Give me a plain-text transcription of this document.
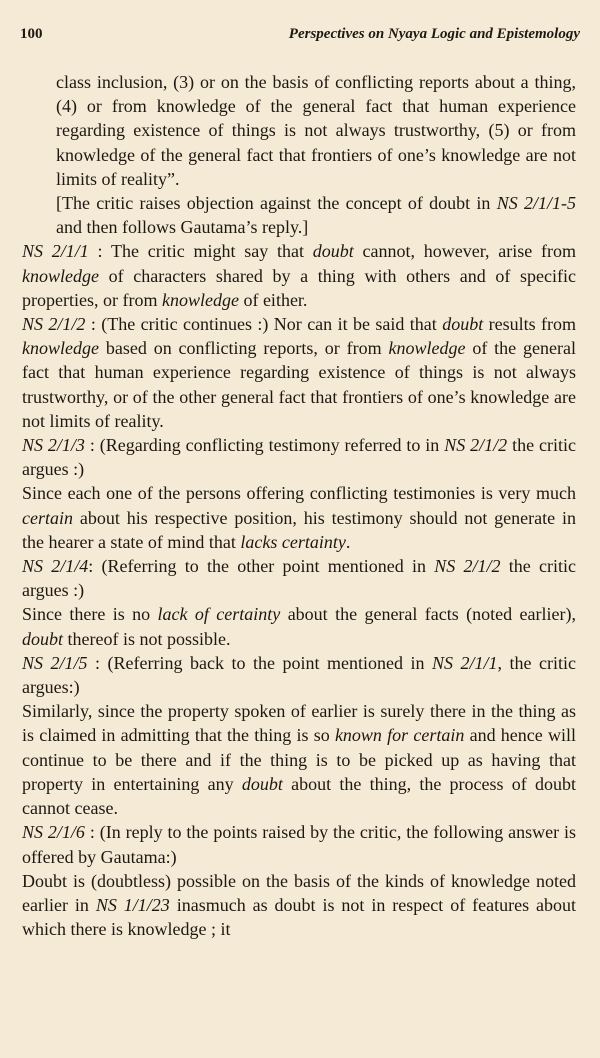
100	Perspectives on Nyaya Logic and Epistemology

class inclusion, (3) or on the basis of conflicting reports about a thing, (4) or from knowledge of the general fact that human experience regarding existence of things is not always trustworthy, (5) or from knowledge of the general fact that frontiers of one’s knowledge are not limits of reality”.

[The critic raises objection against the concept of doubt in NS 2/1/1-5 and then follows Gautama’s reply.]

NS 2/1/1 : The critic might say that doubt cannot, however, arise from knowledge of characters shared by a thing with others and of specific properties, or from knowledge of either.

NS 2/1/2 : (The critic continues :) Nor can it be said that doubt results from knowledge based on conflicting reports, or from knowledge of the general fact that human experience regarding existence of things is not always trustworthy, or of the other general fact that frontiers of one’s knowledge are not limits of reality.

NS 2/1/3 : (Regarding conflicting testimony referred to in NS 2/1/2 the critic argues :)

Since each one of the persons offering conflicting testimonies is very much certain about his respective position, his testimony should not generate in the hearer a state of mind that lacks certainty.

NS 2/1/4: (Referring to the other point mentioned in NS 2/1/2 the critic argues :)

Since there is no lack of certainty about the general facts (noted earlier), doubt thereof is not possible.

NS 2/1/5 : (Referring back to the point mentioned in NS 2/1/1, the critic argues:)

Similarly, since the property spoken of earlier is surely there in the thing as is claimed in admitting that the thing is so known for certain and hence will continue to be there and if the thing is to be picked up as having that property in entertaining any doubt about the thing, the process of doubt cannot cease.

NS 2/1/6 : (In reply to the points raised by the critic, the following answer is offered by Gautama:)

Doubt is (doubtless) possible on the basis of the kinds of knowledge noted earlier in NS 1/1/23 inasmuch as doubt is not in respect of features about which there is knowledge ; it
